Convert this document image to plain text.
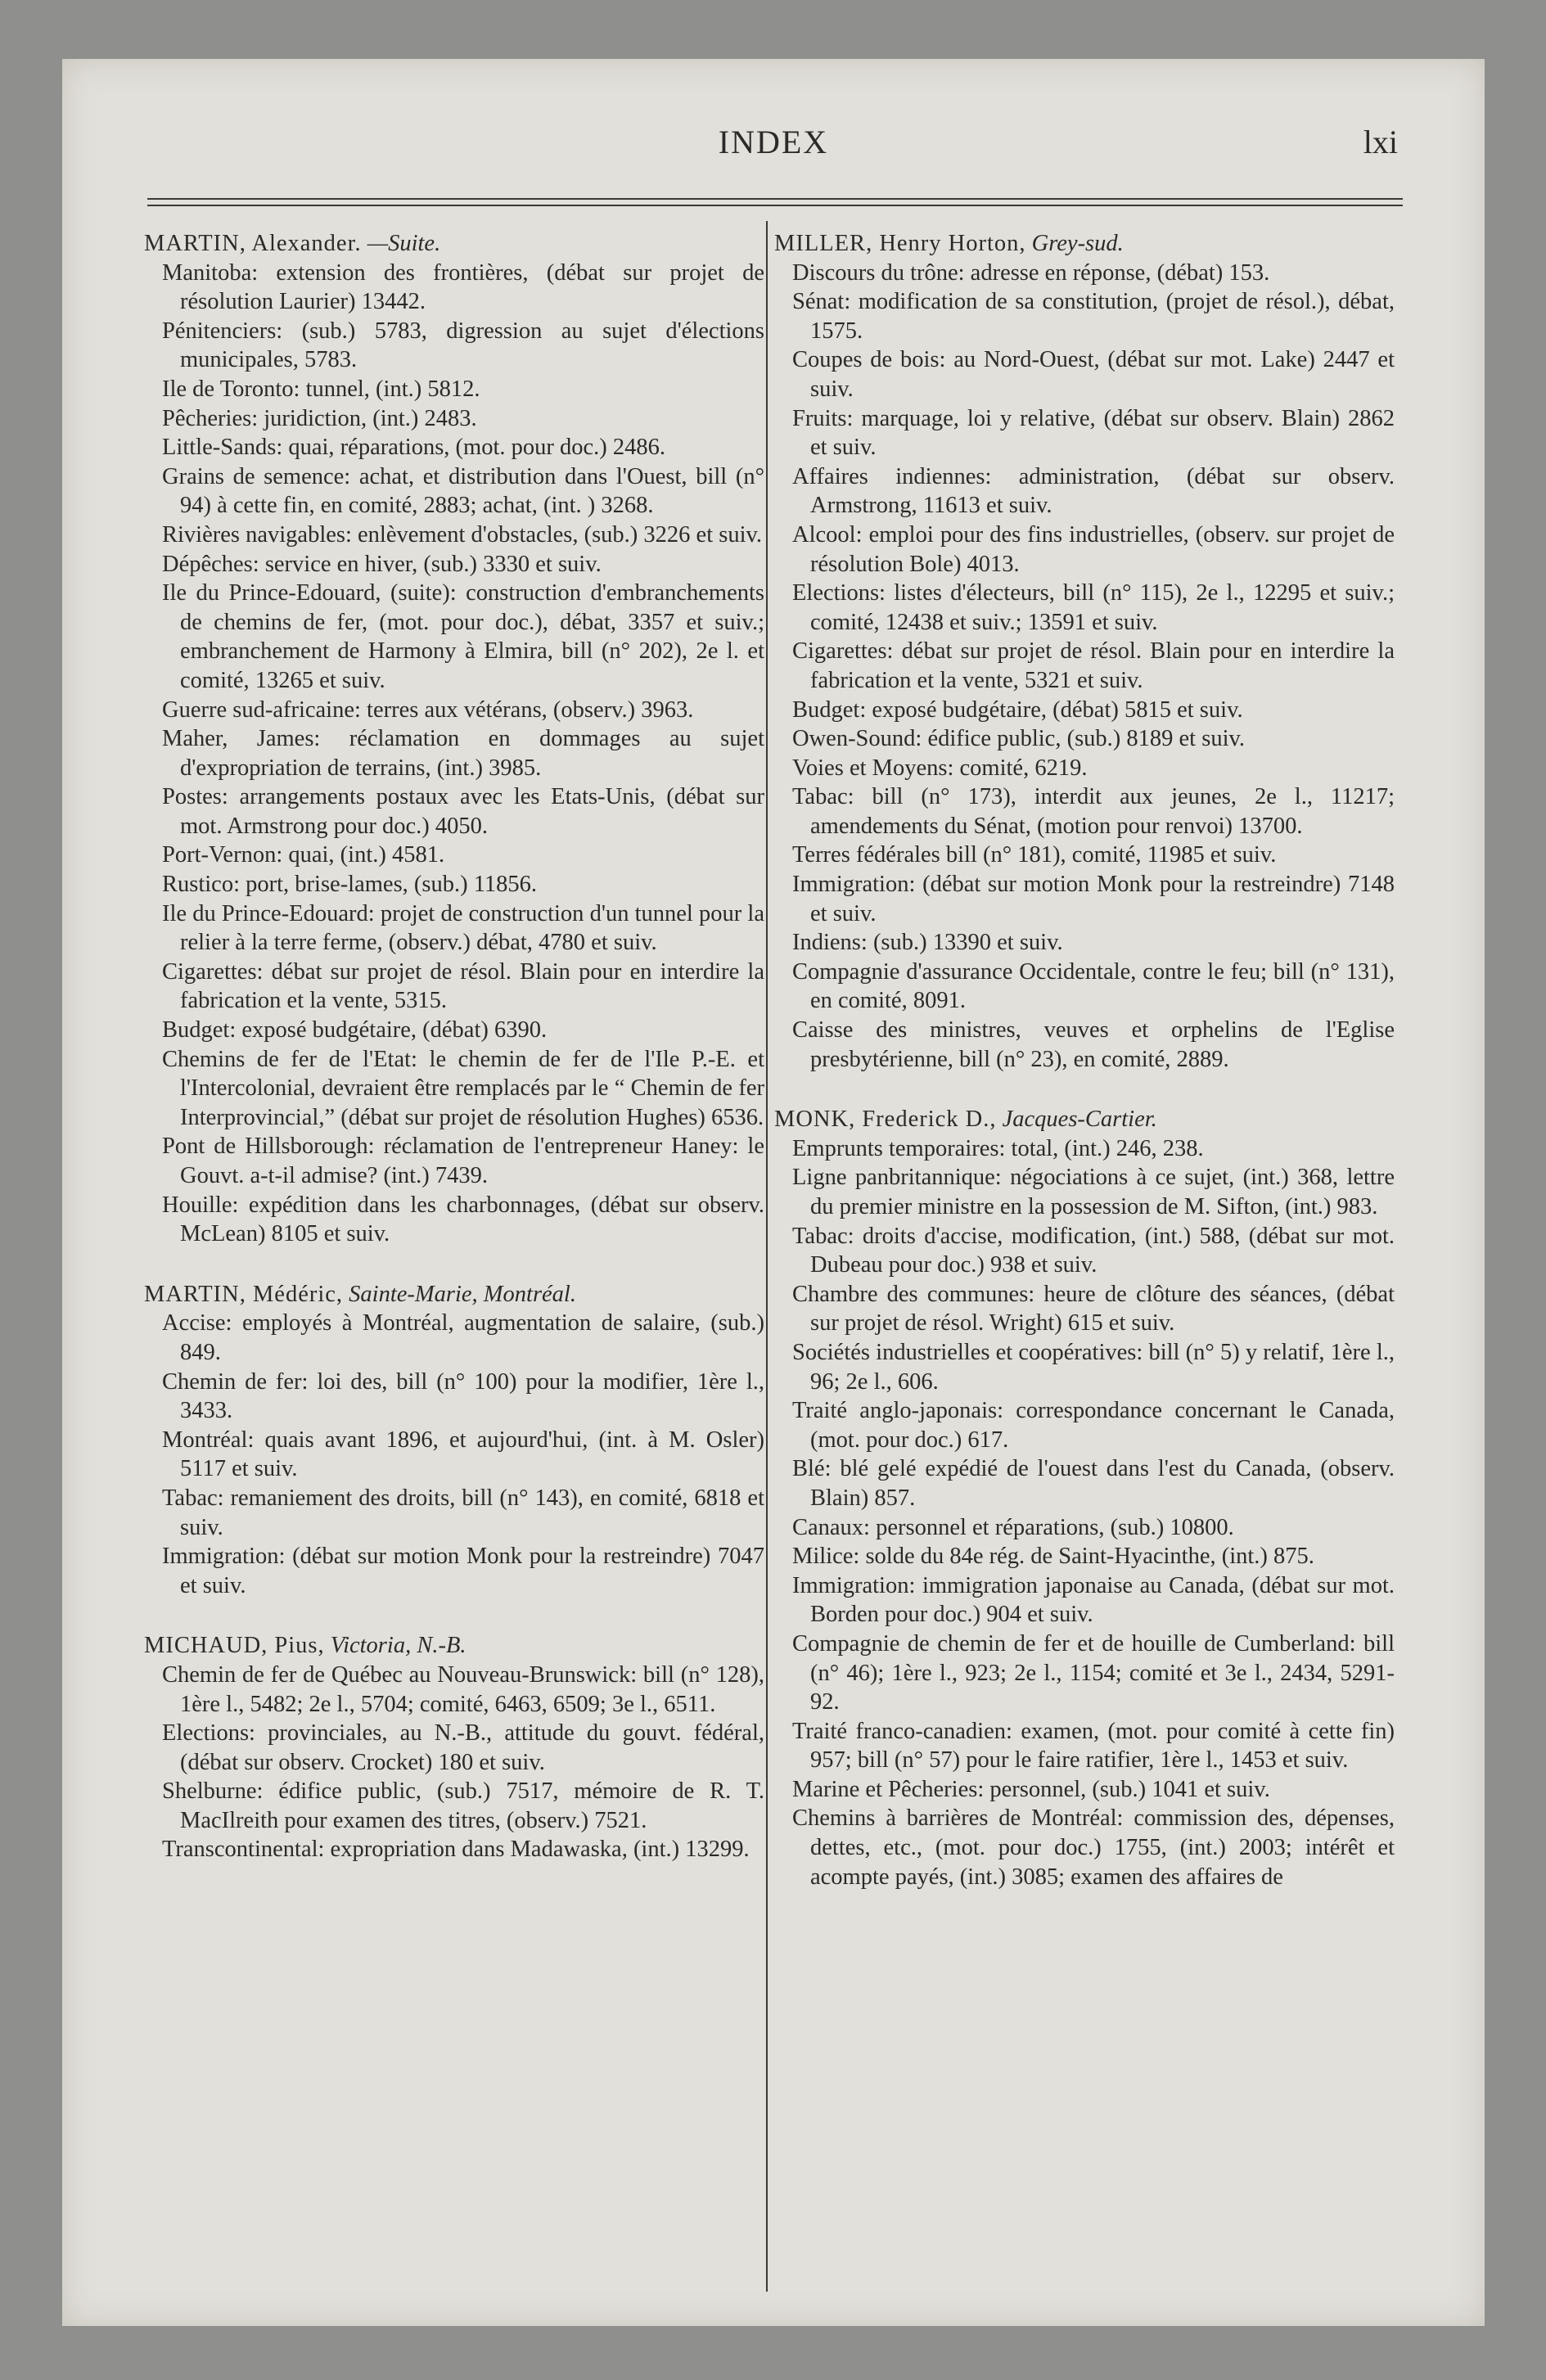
INDEX	lxi
MARTIN, Alexander. —Suite.

Manitoba: extension des frontières, (débat sur projet de résolution Laurier) 13442.

Pénitenciers: (sub.) 5783, digression au sujet d'élections municipales, 5783.

Ile de Toronto: tunnel, (int.) 5812.

Pêcheries: juridiction, (int.) 2483.

Little-Sands: quai, réparations, (mot. pour doc.) 2486.

Grains de semence: achat, et distribution dans l'Ouest, bill (n° 94) à cette fin, en comité, 2883; achat, (int. ) 3268.

Rivières navigables: enlèvement d'obstacles, (sub.) 3226 et suiv.

Dépêches: service en hiver, (sub.) 3330 et suiv.

Ile du Prince-Edouard, (suite): construction d'embranchements de chemins de fer, (mot. pour doc.), débat, 3357 et suiv.; embranchement de Harmony à Elmira, bill (n° 202), 2e l. et comité, 13265 et suiv.

Guerre sud-africaine: terres aux vétérans, (observ.) 3963.

Maher, James: réclamation en dommages au sujet d'expropriation de terrains, (int.) 3985.

Postes: arrangements postaux avec les Etats-Unis, (débat sur mot. Armstrong pour doc.) 4050.

Port-Vernon: quai, (int.) 4581.

Rustico: port, brise-lames, (sub.) 11856.

Ile du Prince-Edouard: projet de construction d'un tunnel pour la relier à la terre ferme, (observ.) débat, 4780 et suiv.

Cigarettes: débat sur projet de résol. Blain pour en interdire la fabrication et la vente, 5315.

Budget: exposé budgétaire, (débat) 6390.

Chemins de fer de l'Etat: le chemin de fer de l'Ile P.-E. et l'Intercolonial, devraient être remplacés par le “ Chemin de fer Interprovincial,” (débat sur projet de résolution Hughes) 6536.

Pont de Hillsborough: réclamation de l'entrepreneur Haney: le Gouvt. a-t-il admise? (int.) 7439.

Houille: expédition dans les charbonnages, (débat sur observ. McLean) 8105 et suiv.

MARTIN, Médéric, Sainte-Marie, Montréal.

Accise: employés à Montréal, augmentation de salaire, (sub.) 849.

Chemin de fer: loi des, bill (n° 100) pour la modifier, 1ère l., 3433.

Montréal: quais avant 1896, et aujourd'hui, (int. à M. Osler) 5117 et suiv.

Tabac: remaniement des droits, bill (n° 143), en comité, 6818 et suiv.

Immigration: (débat sur motion Monk pour la restreindre) 7047 et suiv.

MICHAUD, Pius, Victoria, N.-B.

Chemin de fer de Québec au Nouveau-Brunswick: bill (n° 128), 1ère l., 5482; 2e l., 5704; comité, 6463, 6509; 3e l., 6511.

Elections: provinciales, au N.-B., attitude du gouvt. fédéral, (débat sur observ. Crocket) 180 et suiv.

Shelburne: édifice public, (sub.) 7517, mémoire de R. T. MacIlreith pour examen des titres, (observ.) 7521.

Transcontinental: expropriation dans Madawaska, (int.) 13299.

MILLER, Henry Horton, Grey-sud.

Discours du trône: adresse en réponse, (débat) 153.

Sénat: modification de sa constitution, (projet de résol.), débat, 1575.

Coupes de bois: au Nord-Ouest, (débat sur mot. Lake) 2447 et suiv.

Fruits: marquage, loi y relative, (débat sur observ. Blain) 2862 et suiv.

Affaires indiennes: administration, (débat sur observ. Armstrong, 11613 et suiv.

Alcool: emploi pour des fins industrielles, (observ. sur projet de résolution Bole) 4013.

Elections: listes d'électeurs, bill (n° 115), 2e l., 12295 et suiv.; comité, 12438 et suiv.; 13591 et suiv.

Cigarettes: débat sur projet de résol. Blain pour en interdire la fabrication et la vente, 5321 et suiv.

Budget: exposé budgétaire, (débat) 5815 et suiv.

Owen-Sound: édifice public, (sub.) 8189 et suiv.

Voies et Moyens: comité, 6219.

Tabac: bill (n° 173), interdit aux jeunes, 2e l., 11217; amendements du Sénat, (motion pour renvoi) 13700.

Terres fédérales bill (n° 181), comité, 11985 et suiv.

Immigration: (débat sur motion Monk pour la restreindre) 7148 et suiv.

Indiens: (sub.) 13390 et suiv.

Compagnie d'assurance Occidentale, contre le feu; bill (n° 131), en comité, 8091.

Caisse des ministres, veuves et orphelins de l'Eglise presbytérienne, bill (n° 23), en comité, 2889.

MONK, Frederick D., Jacques-Cartier.

Emprunts temporaires: total, (int.) 246, 238.

Ligne panbritannique: négociations à ce sujet, (int.) 368, lettre du premier ministre en la possession de M. Sifton, (int.) 983.

Tabac: droits d'accise, modification, (int.) 588, (débat sur mot. Dubeau pour doc.) 938 et suiv.

Chambre des communes: heure de clôture des séances, (débat sur projet de résol. Wright) 615 et suiv.

Sociétés industrielles et coopératives: bill (n° 5) y relatif, 1ère l., 96; 2e l., 606.

Traité anglo-japonais: correspondance concernant le Canada, (mot. pour doc.) 617.

Blé: blé gelé expédié de l'ouest dans l'est du Canada, (observ. Blain) 857.

Canaux: personnel et réparations, (sub.) 10800.

Milice: solde du 84e rég. de Saint-Hyacinthe, (int.) 875.

Immigration: immigration japonaise au Canada, (débat sur mot. Borden pour doc.) 904 et suiv.

Compagnie de chemin de fer et de houille de Cumberland: bill (n° 46); 1ère l., 923; 2e l., 1154; comité et 3e l., 2434, 5291-92.

Traité franco-canadien: examen, (mot. pour comité à cette fin) 957; bill (n° 57) pour le faire ratifier, 1ère l., 1453 et suiv.

Marine et Pêcheries: personnel, (sub.) 1041 et suiv.

Chemins à barrières de Montréal: commission des, dépenses, dettes, etc., (mot. pour doc.) 1755, (int.) 2003; intérêt et acompte payés, (int.) 3085; examen des affaires de
